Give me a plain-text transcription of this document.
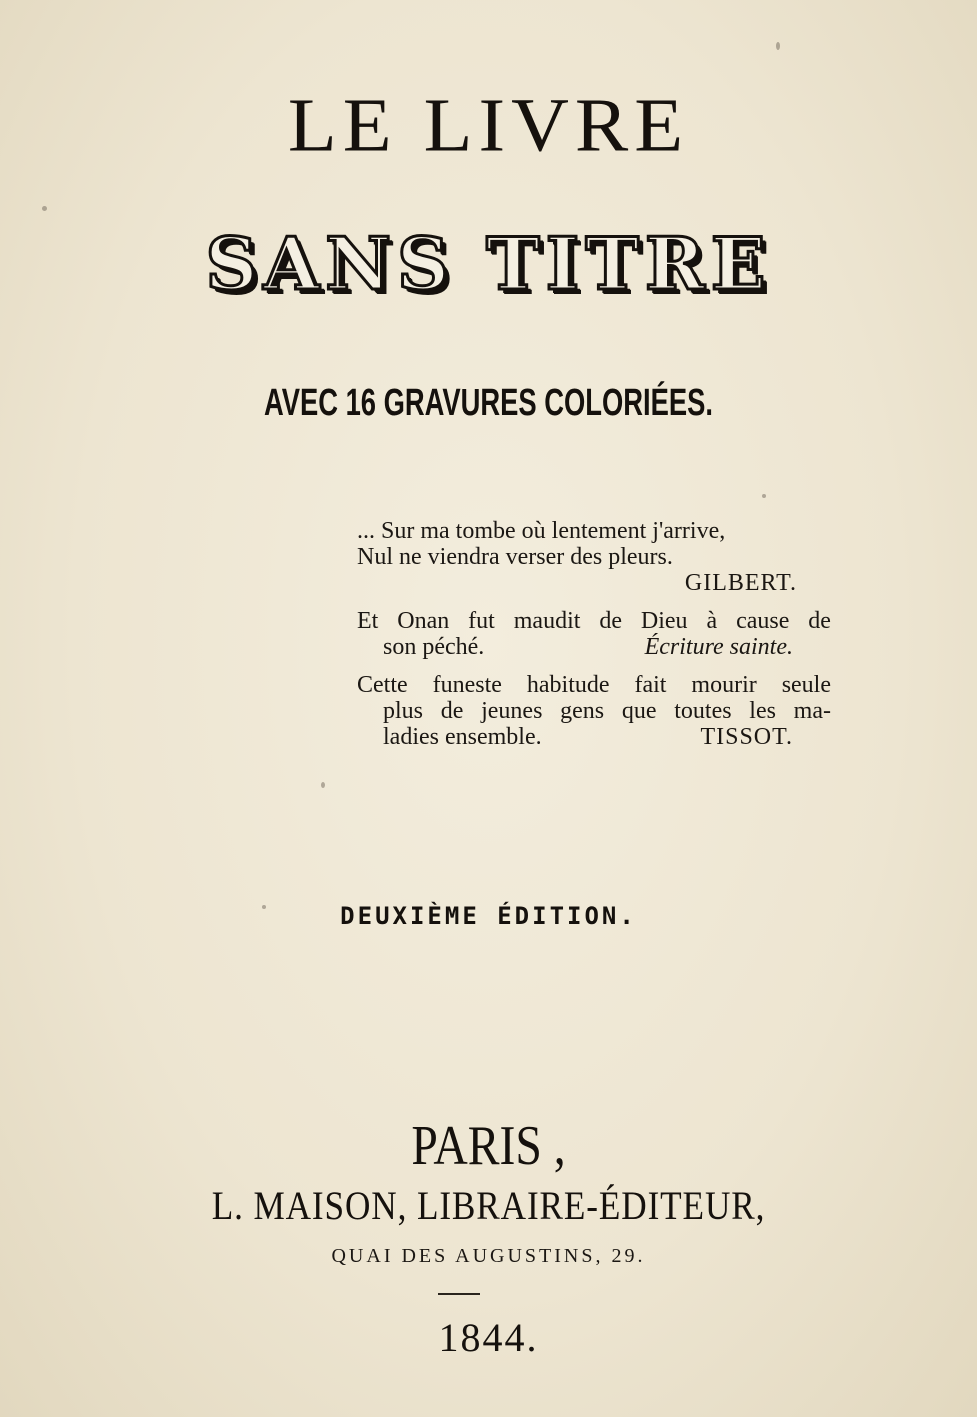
LE LIVRE
SANS TITRE
AVEC 16 GRAVURES COLORIÉES.
... Sur ma tombe où lentement j'arrive,
Nul ne viendra verser des pleurs.
GILBERT.
Et Onan fut maudit de Dieu à cause de
son péché.	Écriture sainte.
Cette funeste habitude fait mourir seule
plus de jeunes gens que toutes les ma-
ladies ensemble.	TISSOT.
DEUXIÈME ÉDITION.
PARIS ,
L. MAISON, LIBRAIRE-ÉDITEUR,
QUAI DES AUGUSTINS, 29.
1844.
